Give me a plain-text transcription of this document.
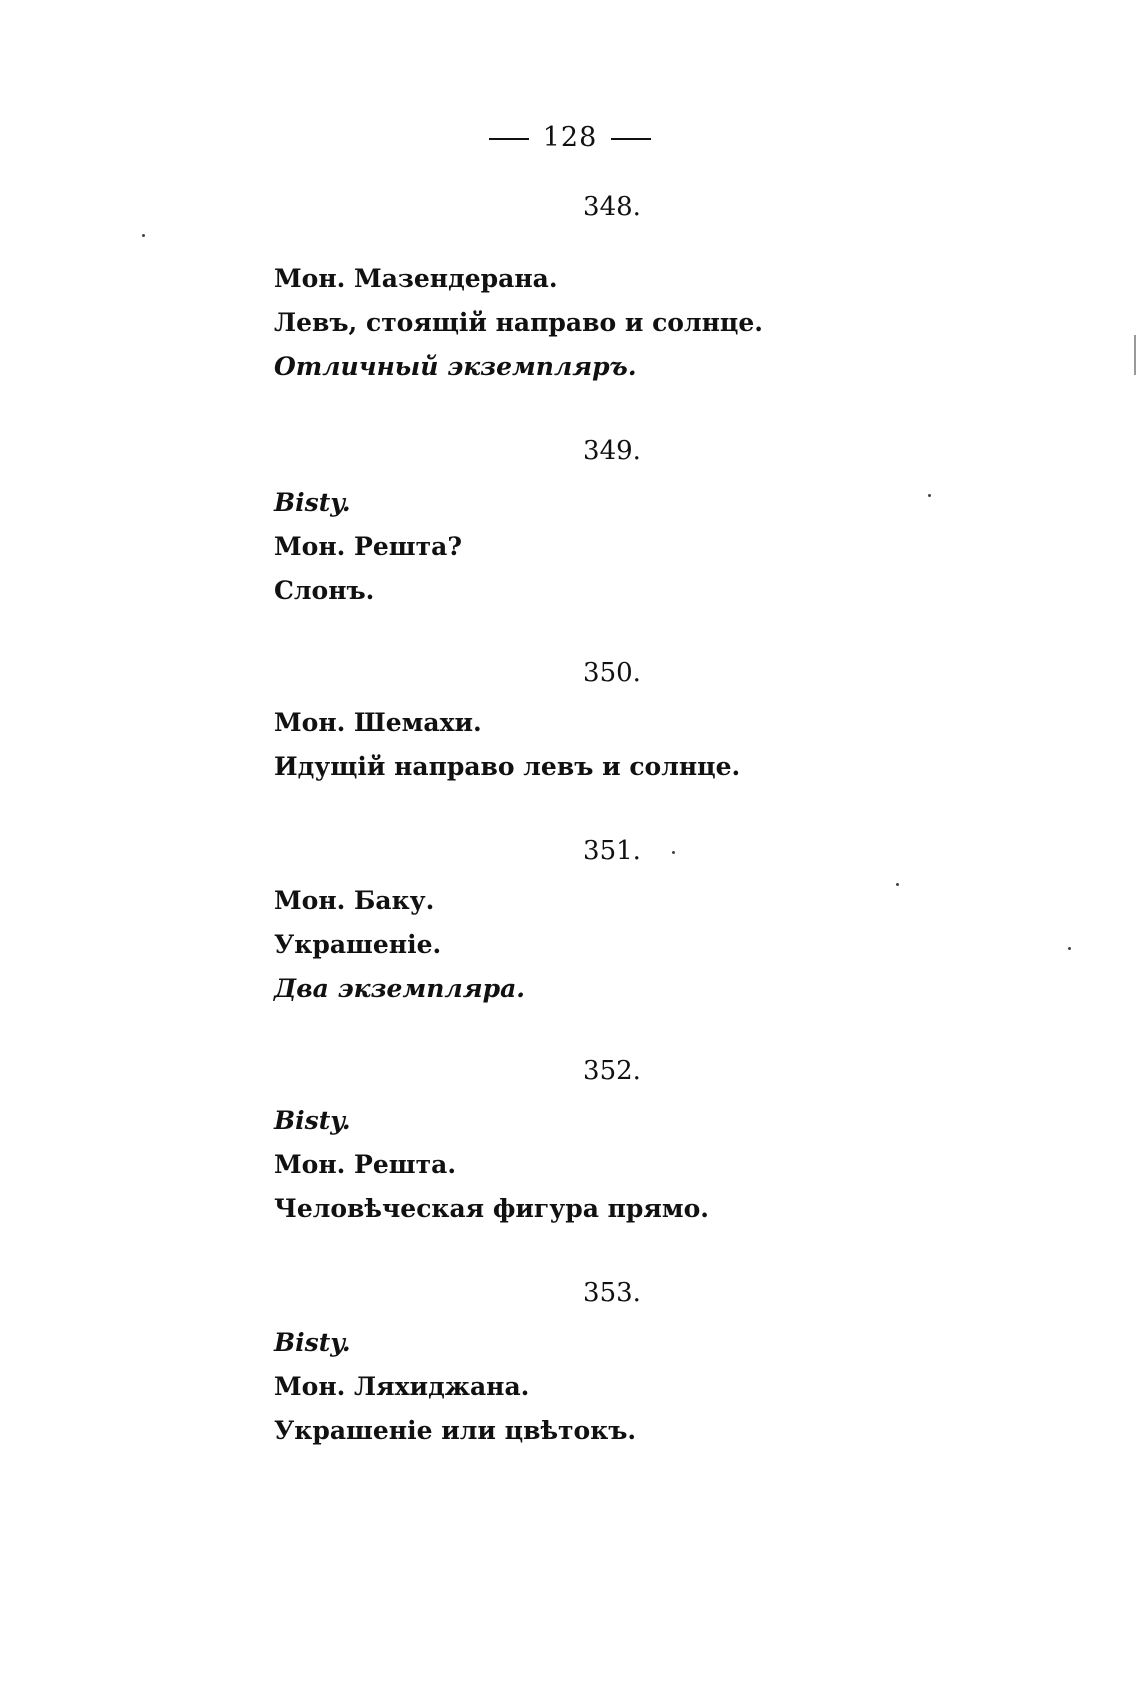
128
348.
Мон. Мазендерана.
Левъ, стоящій направо и солнце.
Отличный экземпляръ.
349.
Bisty.
Мон. Решта?
Слонъ.
350.
Мон. Шемахи.
Идущій направо левъ и солнце.
351.
Мон. Баку.
Украшеніе.
Два экземпляра.
352.
Bisty.
Мон. Решта.
Человѣческая фигура прямо.
353.
Bisty.
Мон. Ляхиджана.
Украшеніе или цвѣтокъ.
